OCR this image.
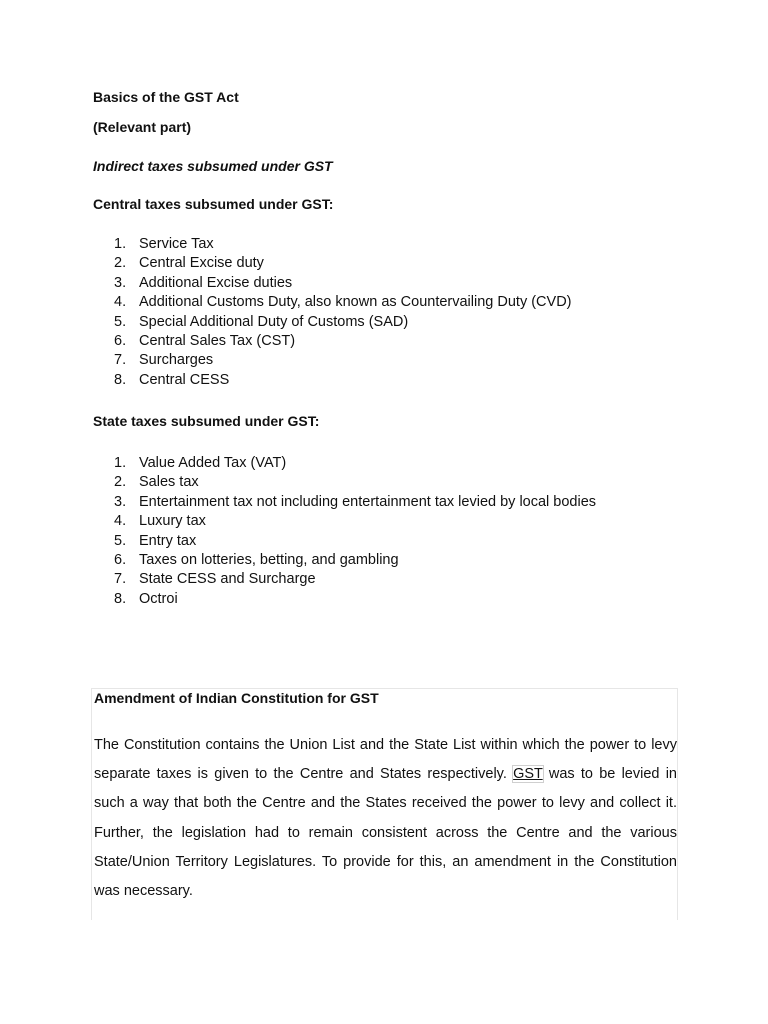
Basics of the GST Act
(Relevant part)
Indirect taxes subsumed under GST
Central taxes subsumed under GST:
1. Service Tax
2. Central Excise duty
3. Additional Excise duties
4. Additional Customs Duty, also known as Countervailing Duty (CVD)
5. Special Additional Duty of Customs (SAD)
6. Central Sales Tax (CST)
7. Surcharges
8. Central CESS
State taxes subsumed under GST:
1. Value Added Tax (VAT)
2. Sales tax
3. Entertainment tax not including entertainment tax levied by local bodies
4. Luxury tax
5. Entry tax
6. Taxes on lotteries, betting, and gambling
7. State CESS and Surcharge
8. Octroi
Amendment of Indian Constitution for GST
The Constitution contains the Union List and the State List within which the power to levy separate taxes is given to the Centre and States respectively. GST was to be levied in such a way that both the Centre and the States received the power to levy and collect it. Further, the legislation had to remain consistent across the Centre and the various State/Union Territory Legislatures. To provide for this, an amendment in the Constitution was necessary.
